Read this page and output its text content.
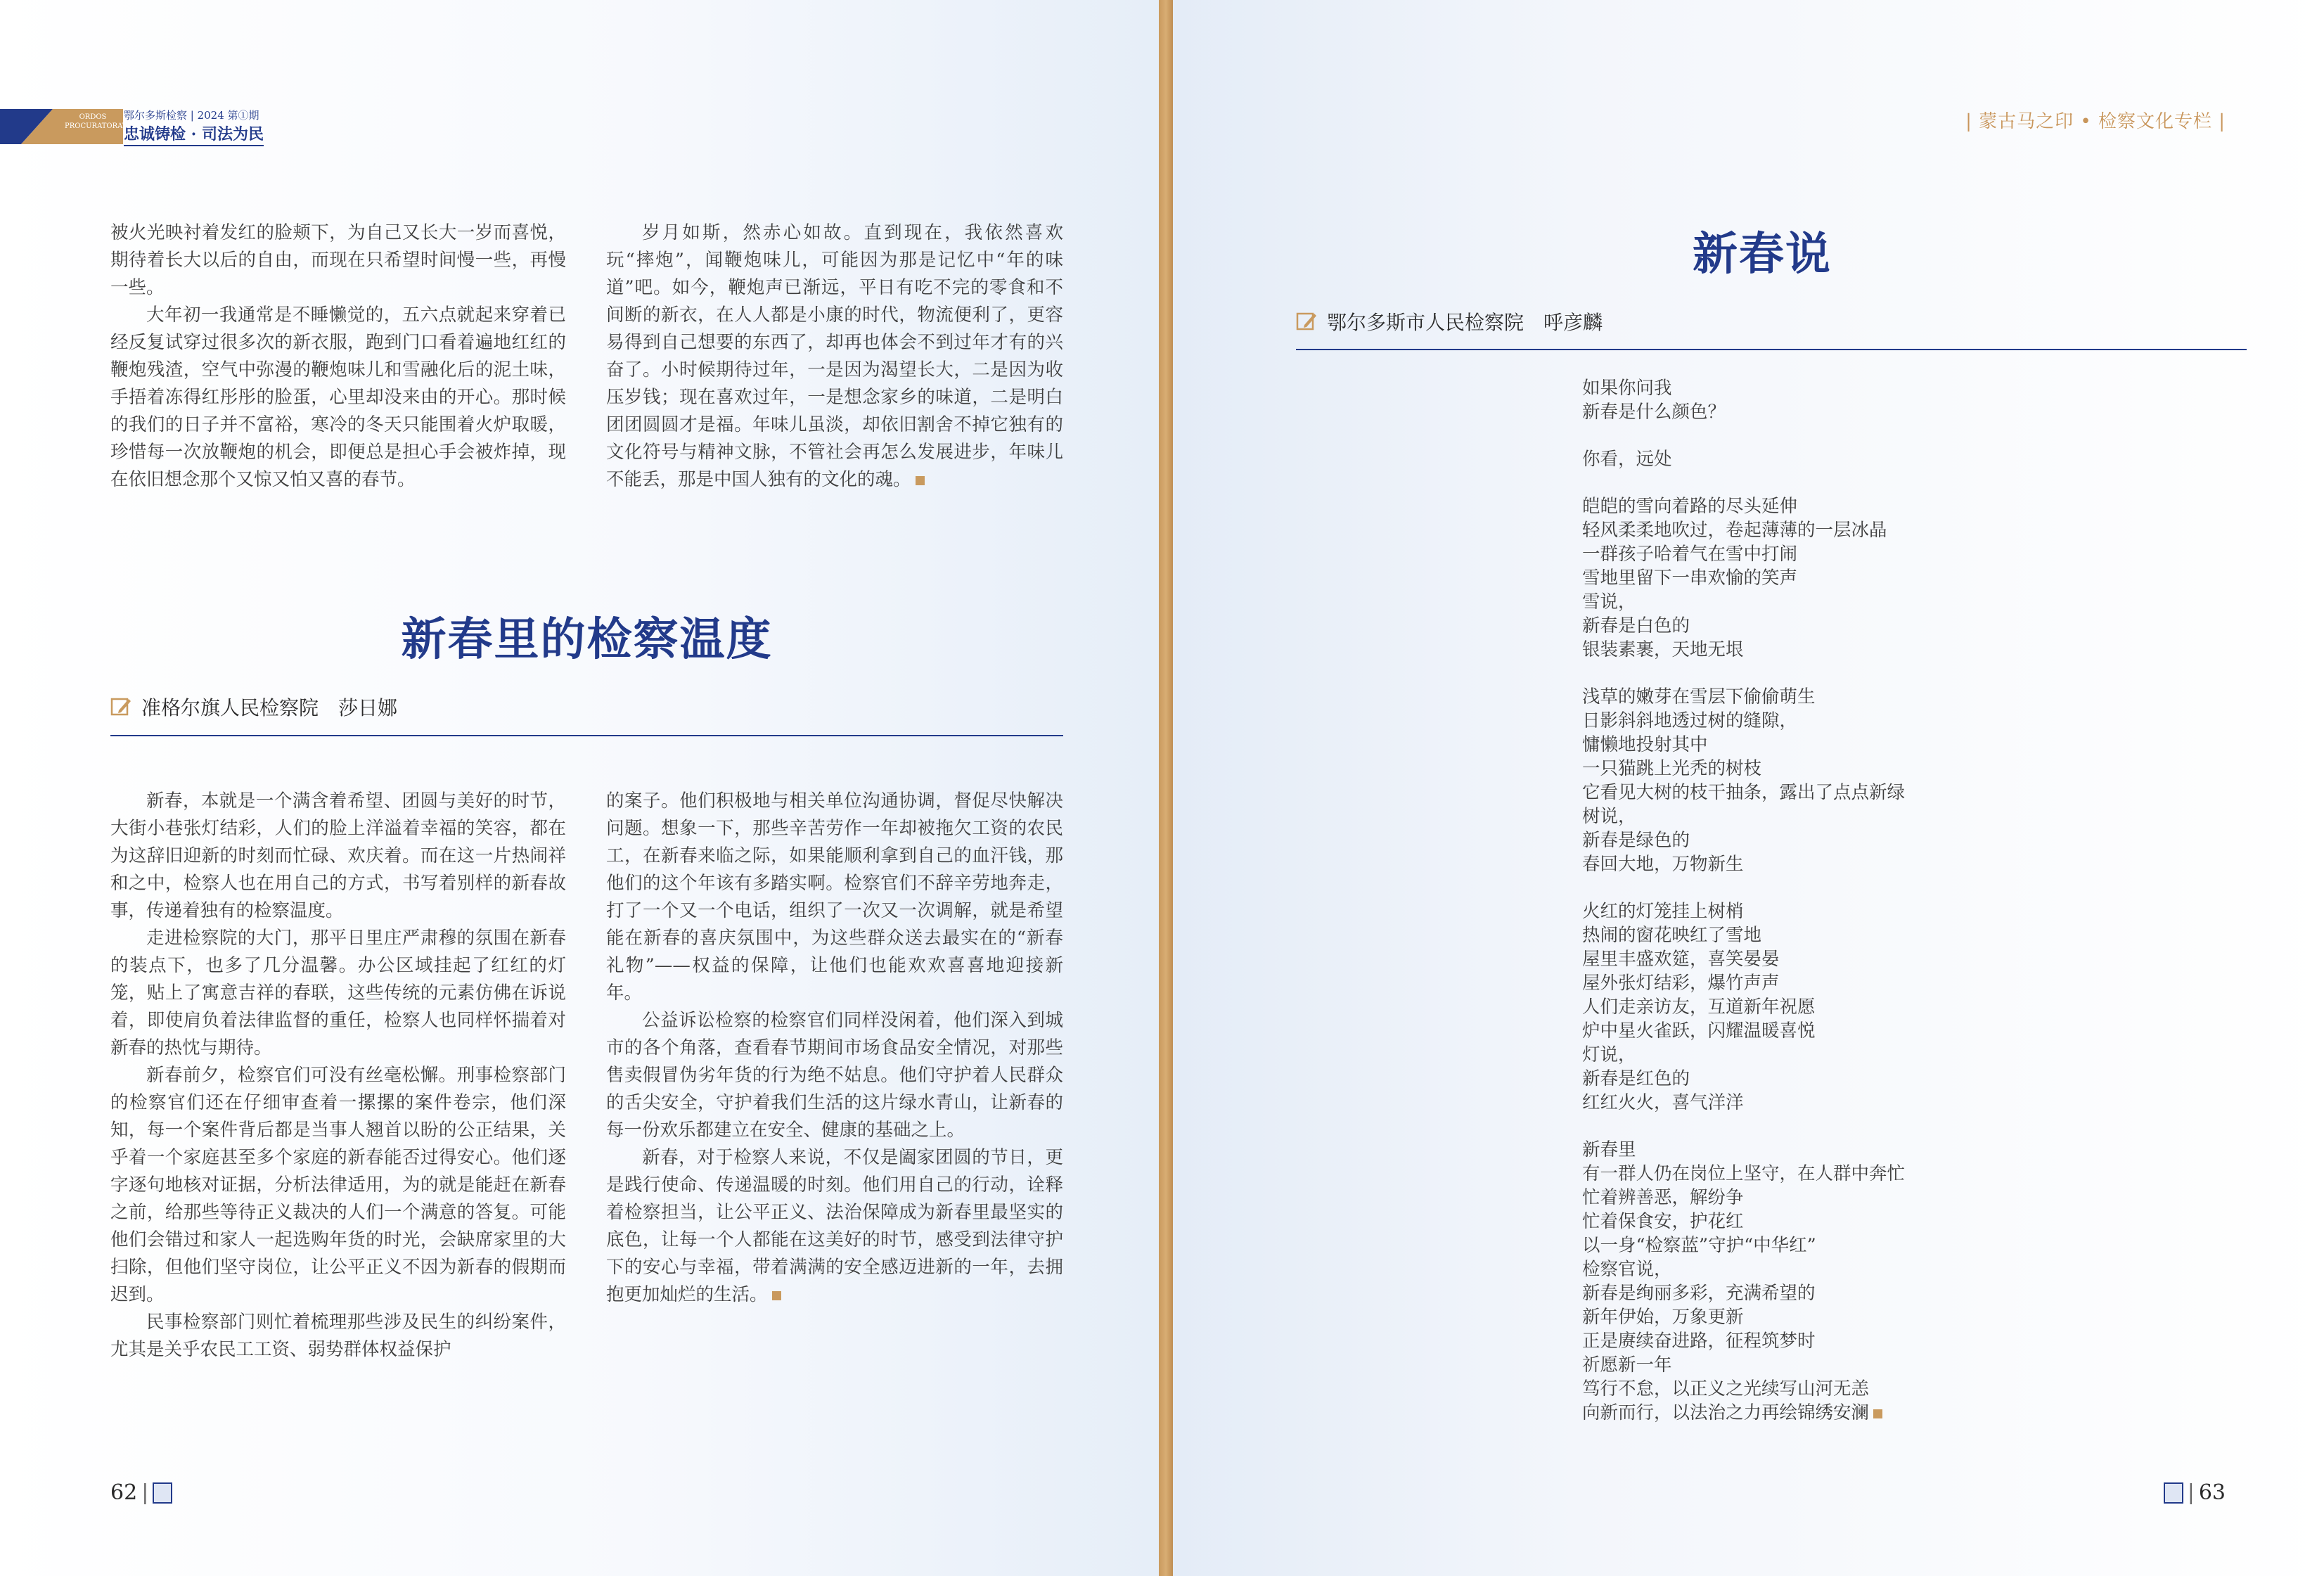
ORDOS
PROCURATORATE
鄂尔多斯检察 | 2024 第①期
忠诚铸检 · 司法为民

被火光映衬着发红的脸颊下，为自己又长大一岁而喜悦，期待着长大以后的自由，而现在只希望时间慢一些，再慢一些。

大年初一我通常是不睡懒觉的，五六点就起来穿着已经反复试穿过很多次的新衣服，跑到门口看着遍地红红的鞭炮残渣，空气中弥漫的鞭炮味儿和雪融化后的泥土味，手捂着冻得红彤彤的脸蛋，心里却没来由的开心。那时候的我们的日子并不富裕，寒冷的冬天只能围着火炉取暖，珍惜每一次放鞭炮的机会，即便总是担心手会被炸掉，现在依旧想念那个又惊又怕又喜的春节。

岁月如斯，然赤心如故。直到现在，我依然喜欢玩“摔炮”，闻鞭炮味儿，可能因为那是记忆中“年的味道”吧。如今，鞭炮声已渐远，平日有吃不完的零食和不间断的新衣，在人人都是小康的时代，物流便利了，更容易得到自己想要的东西了，却再也体会不到过年才有的兴奋了。小时候期待过年，一是因为渴望长大，二是因为收压岁钱；现在喜欢过年，一是想念家乡的味道，二是明白团团圆圆才是福。年味儿虽淡，却依旧割舍不掉它独有的文化符号与精神文脉，不管社会再怎么发展进步，年味儿不能丢，那是中国人独有的文化的魂。

新春里的检察温度
准格尔旗人民检察院　莎日娜

新春，本就是一个满含着希望、团圆与美好的时节，大街小巷张灯结彩，人们的脸上洋溢着幸福的笑容，都在为这辞旧迎新的时刻而忙碌、欢庆着。而在这一片热闹祥和之中，检察人也在用自己的方式，书写着别样的新春故事，传递着独有的检察温度。

走进检察院的大门，那平日里庄严肃穆的氛围在新春的装点下，也多了几分温馨。办公区域挂起了红红的灯笼，贴上了寓意吉祥的春联，这些传统的元素仿佛在诉说着，即使肩负着法律监督的重任，检察人也同样怀揣着对新春的热忱与期待。

新春前夕，检察官们可没有丝毫松懈。刑事检察部门的检察官们还在仔细审查着一摞摞的案件卷宗，他们深知，每一个案件背后都是当事人翘首以盼的公正结果，关乎着一个家庭甚至多个家庭的新春能否过得安心。他们逐字逐句地核对证据，分析法律适用，为的就是能赶在新春之前，给那些等待正义裁决的人们一个满意的答复。可能他们会错过和家人一起选购年货的时光，会缺席家里的大扫除，但他们坚守岗位，让公平正义不因为新春的假期而迟到。

民事检察部门则忙着梳理那些涉及民生的纠纷案件，尤其是关乎农民工工资、弱势群体权益保护

的案子。他们积极地与相关单位沟通协调，督促尽快解决问题。想象一下，那些辛苦劳作一年却被拖欠工资的农民工，在新春来临之际，如果能顺利拿到自己的血汗钱，那他们的这个年该有多踏实啊。检察官们不辞辛劳地奔走，打了一个又一个电话，组织了一次又一次调解，就是希望能在新春的喜庆氛围中，为这些群众送去最实在的“新春礼物”——权益的保障，让他们也能欢欢喜喜地迎接新年。

公益诉讼检察的检察官们同样没闲着，他们深入到城市的各个角落，查看春节期间市场食品安全情况，对那些售卖假冒伪劣年货的行为绝不姑息。他们守护着人民群众的舌尖安全，守护着我们生活的这片绿水青山，让新春的每一份欢乐都建立在安全、健康的基础之上。

新春，对于检察人来说，不仅是阖家团圆的节日，更是践行使命、传递温暖的时刻。他们用自己的行动，诠释着检察担当，让公平正义、法治保障成为新春里最坚实的底色，让每一个人都能在这美好的时节，感受到法律守护下的安心与幸福，带着满满的安全感迈进新的一年，去拥抱更加灿烂的生活。

62 |
| 蒙古马之印 • 检察文化专栏 |
新春说
鄂尔多斯市人民检察院　呼彦麟
| 63
如果你问我
新春是什么颜色？
你看，远处
皑皑的雪向着路的尽头延伸
轻风柔柔地吹过，卷起薄薄的一层冰晶
一群孩子哈着气在雪中打闹
雪地里留下一串欢愉的笑声
雪说，
新春是白色的
银装素裹，天地无垠
浅草的嫩芽在雪层下偷偷萌生
日影斜斜地透过树的缝隙，
慵懒地投射其中
一只猫跳上光秃的树枝
它看见大树的枝干抽条，露出了点点新绿
树说，
新春是绿色的
春回大地，万物新生
火红的灯笼挂上树梢
热闹的窗花映红了雪地
屋里丰盛欢筵，喜笑晏晏
屋外张灯结彩，爆竹声声
人们走亲访友，互道新年祝愿
炉中星火雀跃，闪耀温暖喜悦
灯说，
新春是红色的
红红火火，喜气洋洋
新春里
有一群人仍在岗位上坚守，在人群中奔忙
忙着辨善恶，解纷争
忙着保食安，护花红
以一身“检察蓝”守护“中华红”
检察官说，
新春是绚丽多彩，充满希望的
新年伊始，万象更新
正是赓续奋进路，征程筑梦时
祈愿新一年
笃行不怠，以正义之光续写山河无恙
向新而行，以法治之力再绘锦绣安澜
